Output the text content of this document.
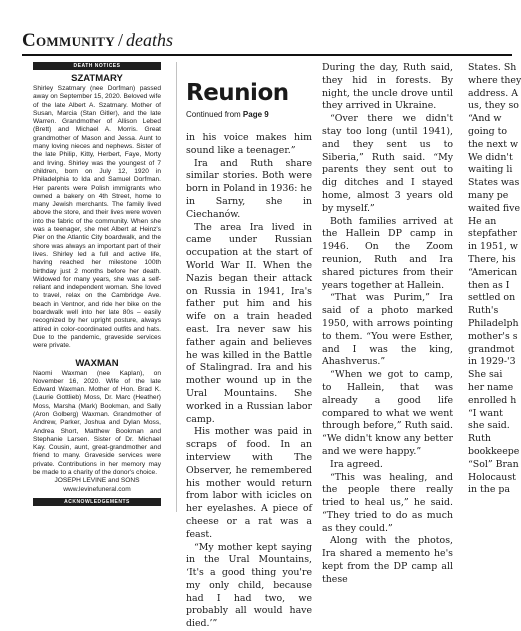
Community / deaths
DEATH NOTICES
SZATMARY
Shirley Szatmary (nee Dorfman) passed away on September 15, 2020. Beloved wife of the late Albert A. Szatmary. Mother of Susan, Marcia (Stan Gitler), and the late Warren. Grandmother of Allison Lebed (Brett) and Michael A. Morris. Great grandmother of Mason and Jessa. Aunt to many loving nieces and nephews. Sister of the late Philip, Kitty, Herbert, Faye, Morty and Irving. Shirley was the youngest of 7 children, born on July 12, 1920 in Philadelphia to Ida and Samuel Dorfman. Her parents were Polish immigrants who owned a bakery on 4th Street, home to many Jewish merchants. The family lived above the store, and their lives were woven into the fabric of the community. When she was a teenager, she met Albert at Heinz's Pier on the Atlantic City boardwalk, and the shore was always an important part of their lives. Shirley led a full and active life, having reached her milestone 100th birthday just 2 months before her death. Widowed for many years, she was a self-reliant and independent woman. She loved to travel, relax on the Cambridge Ave. beach in Ventnor, and ride her bike on the boardwalk well into her late 80s – easily recognized by her upright posture, always attired in color-coordinated outfits and hats. Due to the pandemic, graveside services were private.
WAXMAN
Naomi Waxman (nee Kaplan), on November 16, 2020. Wife of the late Edward Waxman. Mother of Hon. Brad K. (Laurie Gottlieb) Moss, Dr. Marc (Heather) Moss, Marsha (Mark) Bookman, and Sally (Aron Golberg) Waxman. Grandmother of Andrew, Parker, Joshua and Dylan Moss, Andrea Short, Matthew Bookman and Stephanie Larsen. Sister of Dr. Michael Kay. Cousin, aunt, great-grandmother and friend to many. Graveside services were private. Contributions in her memory may be made to a charity of the donor's choice.
JOSEPH LEVINE and SONS
www.levinefuneral.com
ACKNOWLEDGEMENTS
Reunion
Continued from Page 9

in his voice makes him sound like a teenager.”

Ira and Ruth share similar stories. Both were born in Poland in 1936: he in Sarny, she in Ciechanów.

The area Ira lived in came under Russian occupation at the start of World War II. When the Nazis began their attack on Russia in 1941, Ira's father put him and his wife on a train headed east. Ira never saw his father again and believes he was killed in the Battle of Stalingrad. Ira and his mother wound up in the Ural Mountains. She worked in a Russian labor camp.

His mother was paid in scraps of food. In an interview with The Observer, he remembered his mother would return from labor with icicles on her eyelashes. A piece of cheese or a rat was a feast.

“My mother kept saying in the Ural Mountains, ‘It's a good thing you're my only child, because had I had two, we probably all would have died.’”

During the day, Ruth said, they hid in forests. By night, the uncle drove until they arrived in Ukraine.

“Over there we didn't stay too long (until 1941), and they sent us to Siberia,” Ruth said. “My parents they sent out to dig ditches and I stayed home, almost 3 years old by myself.”

Both families arrived at the Hallein DP camp in 1946. On the Zoom reunion, Ruth and Ira shared pictures from their years together at Hallein.

“That was Purim,” Ira said of a photo marked 1950, with arrows pointing to them. “You were Esther, and I was the king, Ahashverus.”

“When we got to camp, to Hallein, that was already a good life compared to what we went through before,” Ruth said. “We didn't know any better and we were happy.”

Ira agreed.

“This was healing, and the people there really tried to heal us,” he said. “They tried to do as much as they could.”

Along with the photos, Ira shared a memento he's kept from the DP camp all these

States. Sh
where they
address. A
us, they so
“And w
going to
the next w
We didn't
waiting li
States was
many pe
waited five
He an
stepfather
in 1951, w
There, his
“American
then as I
settled on
Ruth's
Philadelph
mother's s
grandmot
in 1929-'3
She sai
her name
enrolled h
“I want
she said.
Ruth
bookkeepe
“Sol” Bran
Holocaust
in the pa
